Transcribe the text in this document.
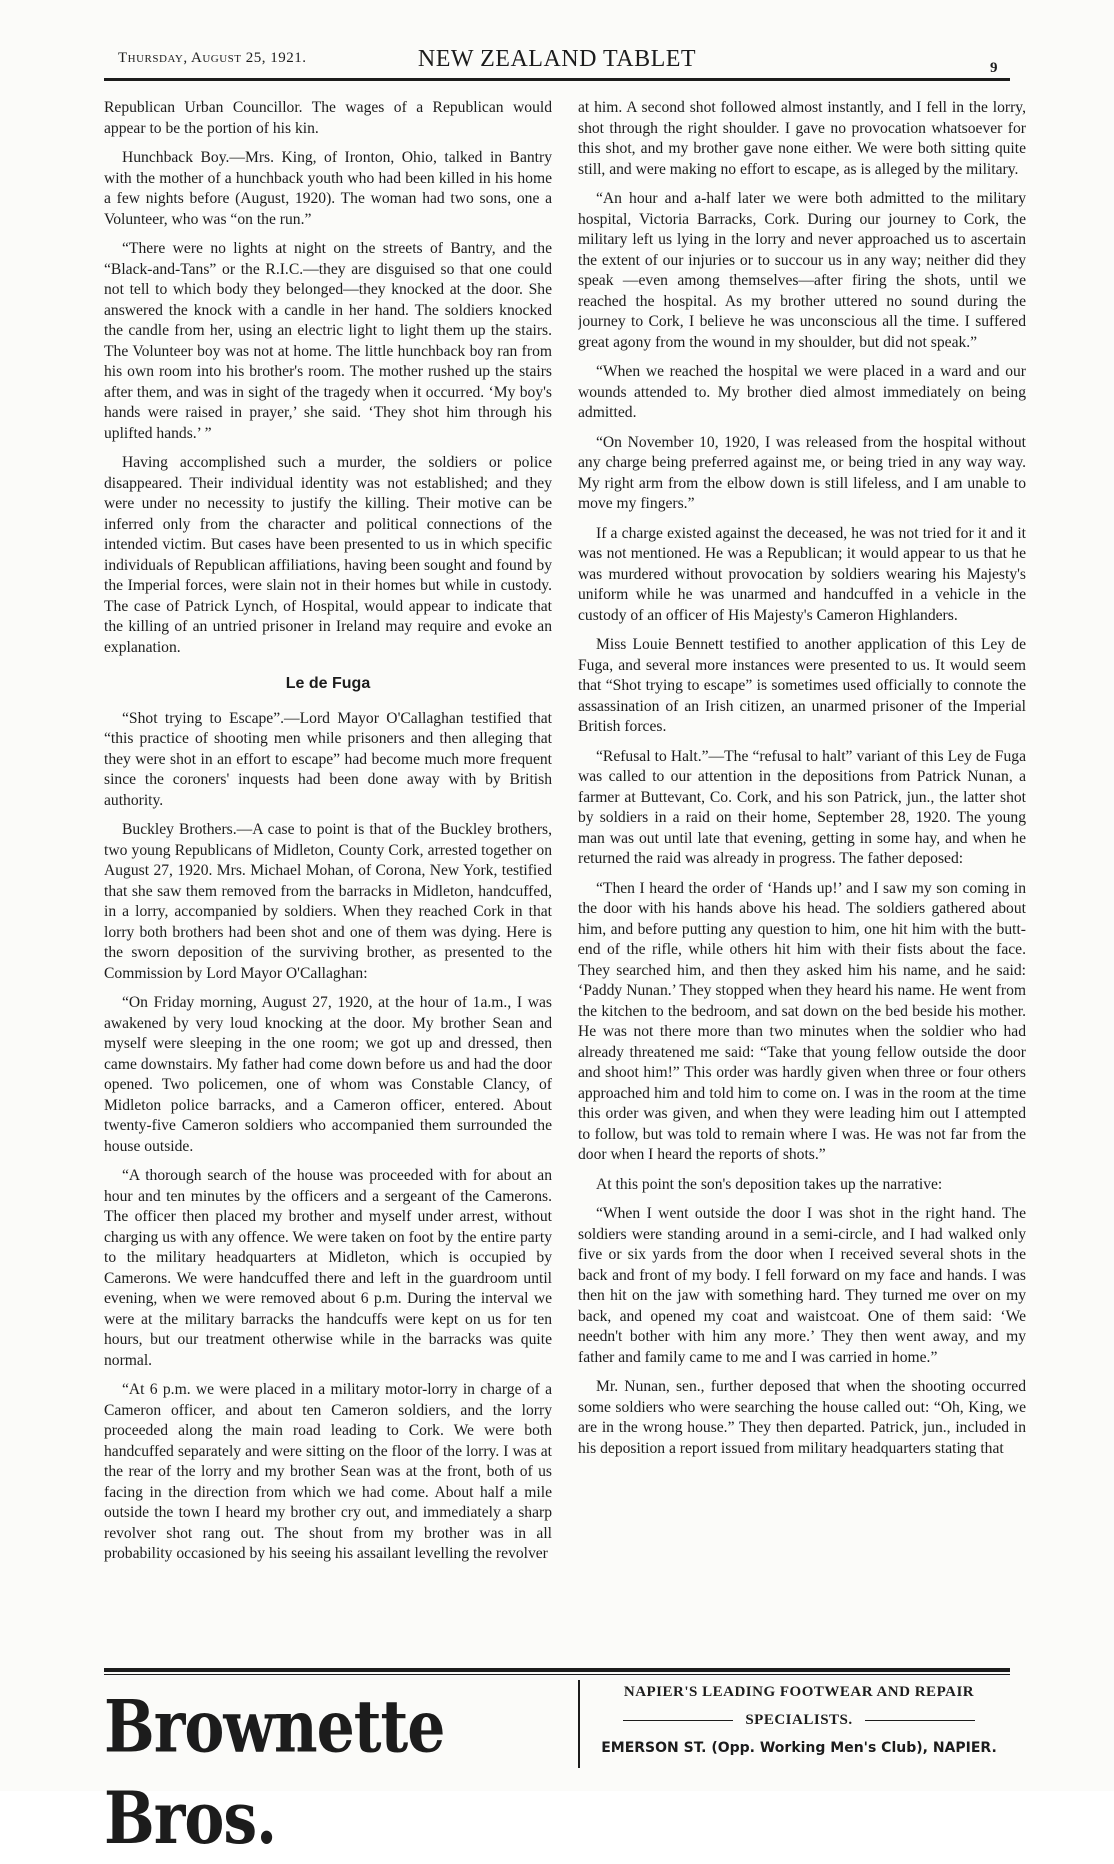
Thursday, August 25, 1921.	NEW ZEALAND TABLET	9

Republican Urban Councillor. The wages of a Republican would appear to be the portion of his kin.

Hunchback Boy.—Mrs. King, of Ironton, Ohio, talked in Bantry with the mother of a hunchback youth who had been killed in his home a few nights before (August, 1920). The woman had two sons, one a Volunteer, who was “on the run.”

“There were no lights at night on the streets of Bantry, and the “Black-and-Tans” or the R.I.C.—they are disguised so that one could not tell to which body they belonged—they knocked at the door. She answered the knock with a candle in her hand. The soldiers knocked the candle from her, using an electric light to light them up the stairs. The Volunteer boy was not at home. The little hunchback boy ran from his own room into his brother's room. The mother rushed up the stairs after them, and was in sight of the tragedy when it occurred. ‘My boy's hands were raised in prayer,’ she said. ‘They shot him through his uplifted hands.’ ”

Having accomplished such a murder, the soldiers or police disappeared. Their individual identity was not established; and they were under no necessity to justify the killing. Their motive can be inferred only from the character and political connections of the intended victim. But cases have been presented to us in which specific individuals of Republican affiliations, having been sought and found by the Imperial forces, were slain not in their homes but while in custody. The case of Patrick Lynch, of Hospital, would appear to indicate that the killing of an untried prisoner in Ireland may require and evoke an explanation.

Le de Fuga

“Shot trying to Escape”.—Lord Mayor O'Callaghan testified that “this practice of shooting men while prisoners and then alleging that they were shot in an effort to escape” had become much more frequent since the coroners' inquests had been done away with by British authority.

Buckley Brothers.—A case to point is that of the Buckley brothers, two young Republicans of Midleton, County Cork, arrested together on August 27, 1920. Mrs. Michael Mohan, of Corona, New York, testified that she saw them removed from the barracks in Midleton, handcuffed, in a lorry, accompanied by soldiers. When they reached Cork in that lorry both brothers had been shot and one of them was dying. Here is the sworn deposition of the surviving brother, as presented to the Commission by Lord Mayor O'Callaghan:

“On Friday morning, August 27, 1920, at the hour of 1a.m., I was awakened by very loud knocking at the door. My brother Sean and myself were sleeping in the one room; we got up and dressed, then came downstairs. My father had come down before us and had the door opened. Two policemen, one of whom was Constable Clancy, of Midleton police barracks, and a Cameron officer, entered. About twenty-five Cameron soldiers who accompanied them surrounded the house outside.

“A thorough search of the house was proceeded with for about an hour and ten minutes by the officers and a sergeant of the Camerons. The officer then placed my brother and myself under arrest, without charging us with any offence. We were taken on foot by the entire party to the military headquarters at Midleton, which is occupied by Camerons. We were handcuffed there and left in the guardroom until evening, when we were removed about 6 p.m. During the interval we were at the military barracks the handcuffs were kept on us for ten hours, but our treatment otherwise while in the barracks was quite normal.

“At 6 p.m. we were placed in a military motor-lorry in charge of a Cameron officer, and about ten Cameron soldiers, and the lorry proceeded along the main road leading to Cork. We were both handcuffed separately and were sitting on the floor of the lorry. I was at the rear of the lorry and my brother Sean was at the front, both of us facing in the direction from which we had come. About half a mile outside the town I heard my brother cry out, and immediately a sharp revolver shot rang out. The shout from my brother was in all probability occasioned by his seeing his assailant levelling the revolver

at him. A second shot followed almost instantly, and I fell in the lorry, shot through the right shoulder. I gave no provocation whatsoever for this shot, and my brother gave none either. We were both sitting quite still, and were making no effort to escape, as is alleged by the military.

“An hour and a-half later we were both admitted to the military hospital, Victoria Barracks, Cork. During our journey to Cork, the military left us lying in the lorry and never approached us to ascertain the extent of our injuries or to succour us in any way; neither did they speak —even among themselves—after firing the shots, until we reached the hospital. As my brother uttered no sound during the journey to Cork, I believe he was unconscious all the time. I suffered great agony from the wound in my shoulder, but did not speak.”

“When we reached the hospital we were placed in a ward and our wounds attended to. My brother died almost immediately on being admitted.

“On November 10, 1920, I was released from the hospital without any charge being preferred against me, or being tried in any way way. My right arm from the elbow down is still lifeless, and I am unable to move my fingers.”

If a charge existed against the deceased, he was not tried for it and it was not mentioned. He was a Republican; it would appear to us that he was murdered without provocation by soldiers wearing his Majesty's uniform while he was unarmed and handcuffed in a vehicle in the custody of an officer of His Majesty's Cameron Highlanders.

Miss Louie Bennett testified to another application of this Ley de Fuga, and several more instances were presented to us. It would seem that “Shot trying to escape” is sometimes used officially to connote the assassination of an Irish citizen, an unarmed prisoner of the Imperial British forces.

“Refusal to Halt.”—The “refusal to halt” variant of this Ley de Fuga was called to our attention in the depositions from Patrick Nunan, a farmer at Buttevant, Co. Cork, and his son Patrick, jun., the latter shot by soldiers in a raid on their home, September 28, 1920. The young man was out until late that evening, getting in some hay, and when he returned the raid was already in progress. The father deposed:

“Then I heard the order of ‘Hands up!’ and I saw my son coming in the door with his hands above his head. The soldiers gathered about him, and before putting any question to him, one hit him with the butt-end of the rifle, while others hit him with their fists about the face. They searched him, and then they asked him his name, and he said: ‘Paddy Nunan.’ They stopped when they heard his name. He went from the kitchen to the bedroom, and sat down on the bed beside his mother. He was not there more than two minutes when the soldier who had already threatened me said: “Take that young fellow outside the door and shoot him!” This order was hardly given when three or four others approached him and told him to come on. I was in the room at the time this order was given, and when they were leading him out I attempted to follow, but was told to remain where I was. He was not far from the door when I heard the reports of shots.”

At this point the son's deposition takes up the narrative:

“When I went outside the door I was shot in the right hand. The soldiers were standing around in a semi-circle, and I had walked only five or six yards from the door when I received several shots in the back and front of my body. I fell forward on my face and hands. I was then hit on the jaw with something hard. They turned me over on my back, and opened my coat and waistcoat. One of them said: ‘We needn't bother with him any more.’ They then went away, and my father and family came to me and I was carried in home.”

Mr. Nunan, sen., further deposed that when the shooting occurred some soldiers who were searching the house called out: “Oh, King, we are in the wrong house.” They then departed. Patrick, jun., included in his deposition a report issued from military headquarters stating that

Brownette Bros.
NAPIER'S LEADING FOOTWEAR AND REPAIR
SPECIALISTS.
EMERSON ST. (Opp. Working Men's Club), NAPIER.
